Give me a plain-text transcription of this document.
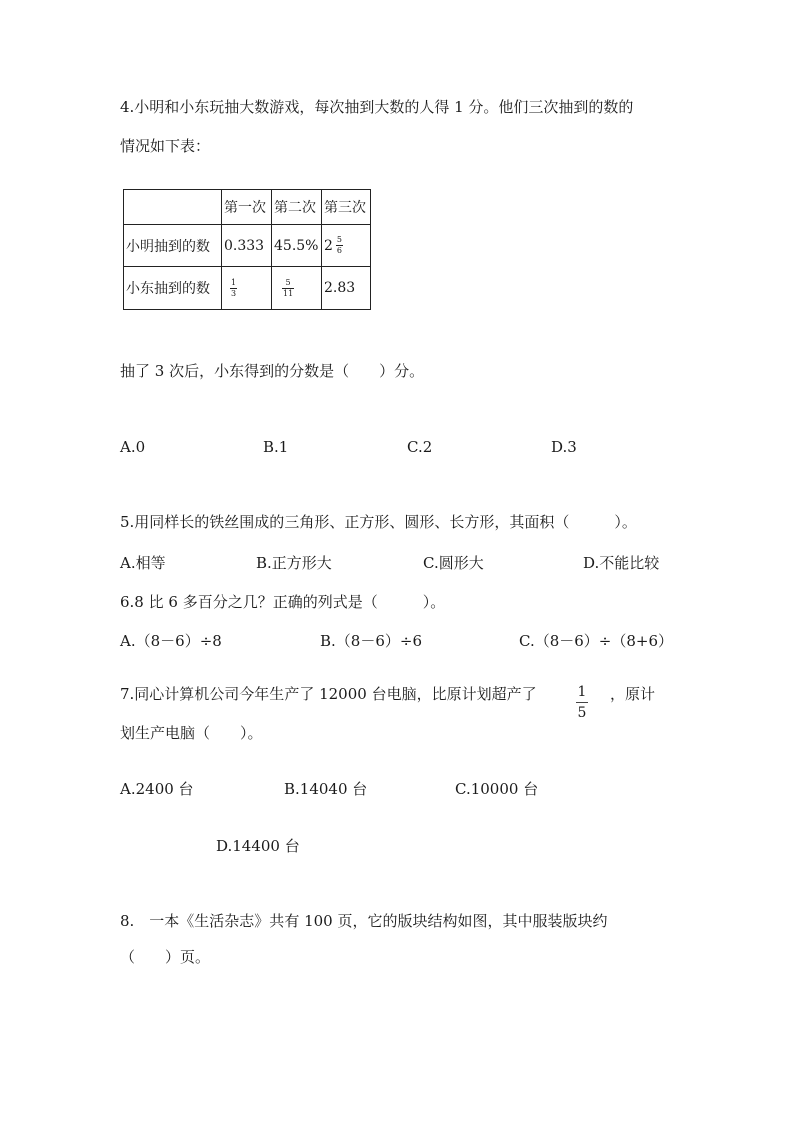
4.小明和小东玩抽大数游戏，每次抽到大数的人得 1 分。他们三次抽到的数的
情况如下表：
	第一次	第二次	第三次
小明抽到的数	0.333	45.5%	$2 \frac{5}{6}$

小东抽到的数	$\frac{1}{3}$	$\frac{5}{11}$	2.83
抽了 3 次后，小东得到的分数是（　　）分。
A.0	B.1	C.2	D.3
5.用同样长的铁丝围成的三角形、正方形、圆形、长方形，其面积（　　　）。
A.相等	B.正方形大	C.圆形大	D.不能比较
6.8 比 6 多百分之几？正确的列式是（　　　）。
A.（8－6）÷8	B.（8－6）÷6	C.（8－6）÷（8+6）
7.同心计算机公司今年生产了 12000 台电脑，比原计划超产了	$\frac{1}{5}$ ，原计
划生产电脑（　　）。
A.2400 台	B.14040 台	C.10000 台
D.14400 台
8.　一本《生活杂志》共有 100 页，它的版块结构如图，其中服装版块约
（　　）页。
